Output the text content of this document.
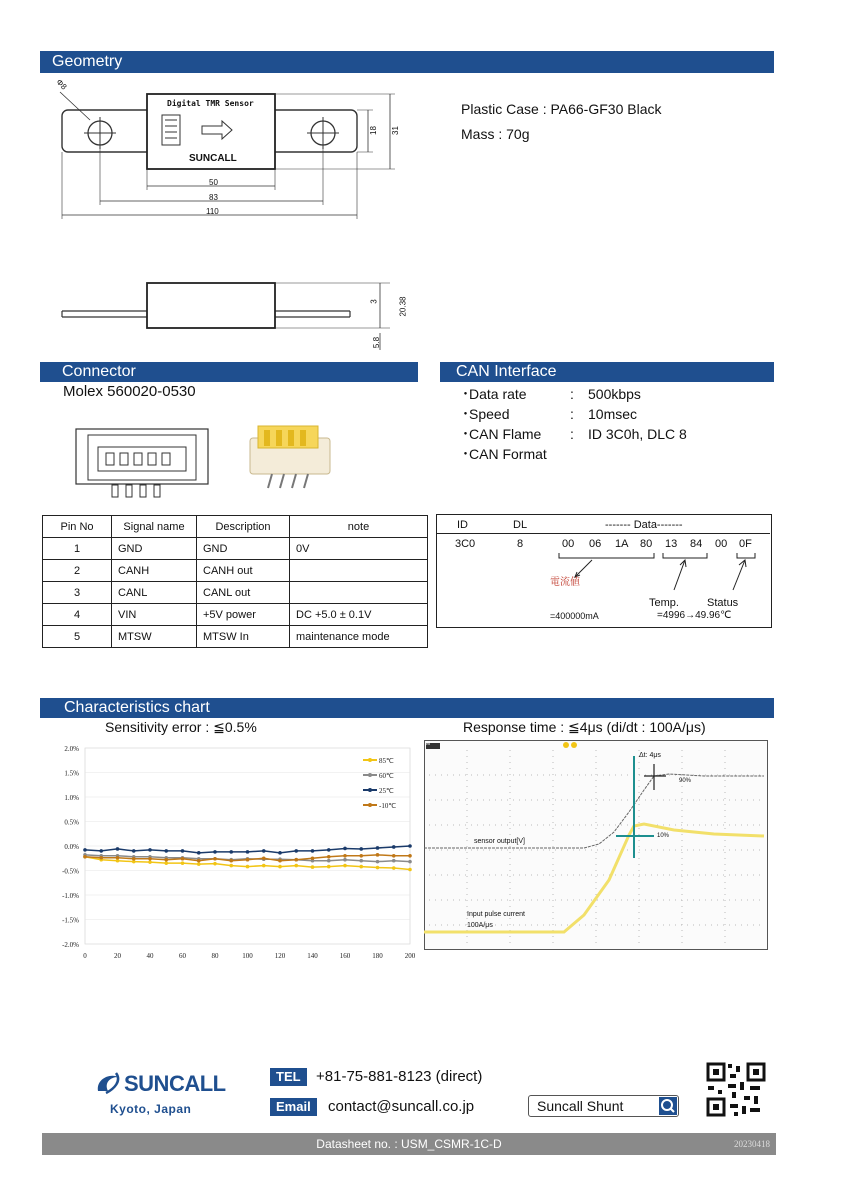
Geometry
Φ8
Digital TMR Sensor
SUNCALL
50
83
110
18 31
3 20.38
5.8
Plastic Case : PA66-GF30 Black
Mass : 70g
Connector
Molex 560020-0530
Pin No	Signal name	Description	note
1	GND	GND	0V
2	CANH	CANH out	
3	CANL	CANL out	
4	VIN	+5V power	DC +5.0 ± 0.1V
5	MTSW	MTSW In	maintenance mode
CAN Interface
･Data rate	: 500kbps
･Speed	: 10msec
･CAN Flame : ID 3C0h, DLC 8
･CAN Format
ID	DL	------- Data-------
3C0	8	00 06 1A 80 13 84 00 0F
電流値
=400000mA
Temp.	Status
=4996→49.96℃
Characteristics chart
Sensitivity error : ≦0.5%	Response time : ≦4μs (di/dt : 100A/μs)
2.0%
1.5%
1.0%
0.5%
0.0%
-0.5%
-1.0%
-1.5%
-2.0%
0	20	40	60	80	100	120	140	160	180	200
85℃
60℃
25℃
-10℃
sensor output[V]
Input pulse current
100A/μs
Δt: 4μs
90%
10%
M
SUNCALL
Kyoto, Japan
TEL	+81-75-881-8123 (direct)
Email	contact@suncall.co.jp	Suncall Shunt
Datasheet no. : USM_CSMR-1C-D	20230418
